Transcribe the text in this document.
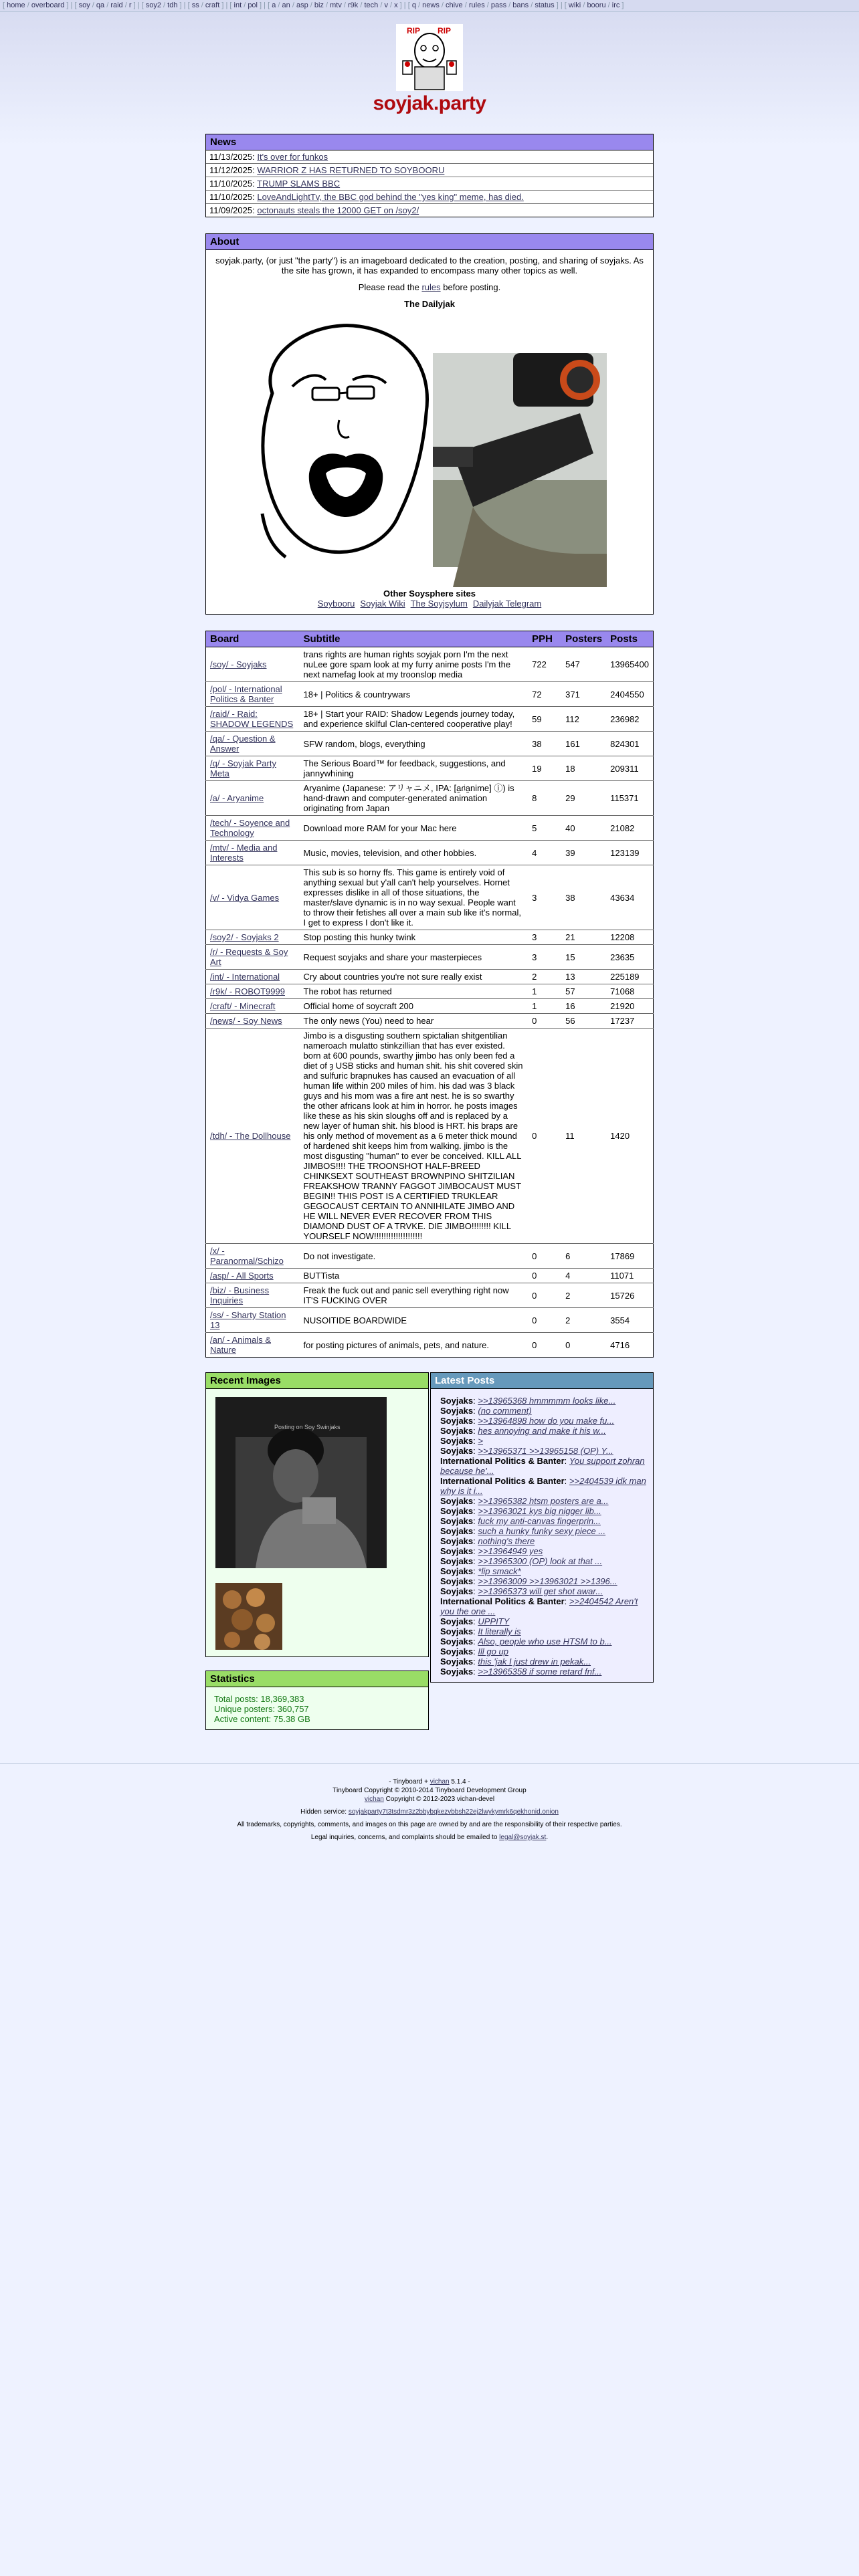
[ home / overboard ] | [ soy / qa / raid / r ] | [ soy2 / tdh ] | [ ss / craft ] | [ int / pol ] | [ a / an / asp / biz / mtv / r9k / tech / v / x ] | [ q / news / chive / rules / pass / bans / status ] | [ wiki / booru / irc ]
RIP RIP
soyjak.party
News
11/13/2025: It's over for funkos
11/12/2025: WARRIOR Z HAS RETURNED TO SOYBOORU
11/10/2025: TRUMP SLAMS BBC
11/10/2025: LoveAndLightTv, the BBC god behind the "yes king" meme, has died.
11/09/2025: octonauts steals the 12000 GET on /soy2/
About

soyjak.party, (or just "the party") is an imageboard dedicated to the creation, posting, and sharing of soyjaks. As the site has grown, it has expanded to encompass many other topics as well.

Please read the rules before posting.

The Dailyjak
Other Soysphere sites
Soybooru Soyjak Wiki The Soyjsylum Dailyjak Telegram
Board	Subtitle	PPH	Posters	Posts
/soy/ - Soyjaks	trans rights are human rights soyjak porn I'm the next nuLee gore spam look at my furry anime posts I'm the next namefag look at my troonslop media	722	547	13965400
/pol/ - International Politics & Banter	18+ | Politics & countrywars	72	371	2404550
/raid/ - Raid: SHADOW LEGENDS	18+ | Start your RAID: Shadow Legends journey today, and experience skilful Clan-centered cooperative play!	59	112	236982
/qa/ - Question & Answer	SFW random, blogs, everything	38	161	824301
/q/ - Soyjak Party Meta	The Serious Board™ for feedback, suggestions, and jannywhining	19	18	209311
/a/ - Aryanime	Aryanime (Japanese: アリャニメ, IPA: [a̠ɾʲa̠nime] ⓘ) is hand-drawn and computer-generated animation originating from Japan	8	29	115371
/tech/ - Soyence and Technology	Download more RAM for your Mac here	5	40	21082
/mtv/ - Media and Interests	Music, movies, television, and other hobbies.	4	39	123139
/v/ - Vidya Games	This sub is so horny ffs. This game is entirely void of anything sexual but y'all can't help yourselves. Hornet expresses dislike in all of those situations, the master/slave dynamic is in no way sexual. People want to throw their fetishes all over a main sub like it's normal, I get to express I don't like it.	3	38	43634
/soy2/ - Soyjaks 2	Stop posting this hunky twink	3	21	12208
/r/ - Requests & Soy Art	Request soyjaks and share your masterpieces	3	15	23635
/int/ - International	Cry about countries you're not sure really exist	2	13	225189
/r9k/ - ROBOT9999	The robot has returned	1	57	71068
/craft/ - Minecraft	Official home of soycraft 200	1	16	21920
/news/ - Soy News	The only news (You) need to hear	0	56	17237
/tdh/ - The Dollhouse	Jimbo is a disgusting southern spictalian shitgentilian nameroach mulatto stinkzillian that has ever existed. born at 600 pounds, swarthy jimbo has only been fed a diet of ȝ USB sticks and human shit. his shit covered skin and sulfuric brapnukes has caused an evacuation of all human life within 200 miles of him. his dad was 3 black guys and his mom was a fire ant nest. he is so swarthy the other africans look at him in horror. he posts images like these as his skin sloughs off and is replaced by a new layer of human shit. his blood is HRT. his braps are his only method of movement as a 6 meter thick mound of hardened shit keeps him from walking. jimbo is the most disgusting "human" to ever be conceived. KILL ALL JIMBOS!!!! THE TROONSHOT HALF-BREED CHINKSEXT SOUTHEAST BROWNPINO SHITZILIAN FREAKSHOW TRANNY FAGGOT JIMBOCAUST MUST BEGIN!! THIS POST IS A CERTIFIED TRUKLEAR GEGOCAUST CERTAIN TO ANNIHILATE JIMBO AND HE WILL NEVER EVER RECOVER FROM THIS DIAMOND DUST OF A TRVKE. DIE JIMBO!!!!!!!! KILL YOURSELF NOW!!!!!!!!!!!!!!!!!!!!	0	11	1420
/x/ - Paranormal/Schizo	Do not investigate.	0	6	17869
/asp/ - All Sports	BUTTista	0	4	11071
/biz/ - Business Inquiries	Freak the fuck out and panic sell everything right now IT'S FUCKING OVER	0	2	15726
/ss/ - Sharty Station 13	NUSOITIDE BOARDWIDE	0	2	3554
/an/ - Animals & Nature	for posting pictures of animals, pets, and nature.	0	0	4716
Recent Images
Posting on Soy Swinjaks
Statistics
Total posts: 18,369,383
Unique posters: 360,757
Active content: 75.38 GB
Latest Posts
Soyjaks: >>13965368 hmmmmm looks like...
Soyjaks: (no comment)
Soyjaks: >>13964898 how do you make fu...
Soyjaks: hes annoying and make it his w...
Soyjaks: >
Soyjaks: >>13965371 >>13965158 (OP) Y...
International Politics & Banter: You support zohran because he'...
International Politics & Banter: >>2404539 idk man why is it i...
Soyjaks: >>13965382 htsm posters are a...
Soyjaks: >>13963021 kys big nigger lib...
Soyjaks: fuck my anti-canvas fingerprin...
Soyjaks: such a hunky funky sexy piece ...
Soyjaks: nothing's there
Soyjaks: >>13964949 yes
Soyjaks: >>13965300 (OP) look at that ...
Soyjaks: *lip smack*
Soyjaks: >>13963009 >>13963021 >>1396...
Soyjaks: >>13965373 will get shot awar...
International Politics & Banter: >>2404542 Aren't you the one ...
Soyjaks: UPPITY
Soyjaks: It literally is
Soyjaks: Also, people who use HTSM to b...
Soyjaks: Ill go up
Soyjaks: this 'jak I just drew in pekak...
Soyjaks: >>13965358 if some retard fnf...

- Tinyboard + vichan 5.1.4 -
Tinyboard Copyright © 2010-2014 Tinyboard Development Group
vichan Copyright © 2012-2023 vichan-devel

Hidden service: soyjakparty7t3tsdmr3z2bbybqkezvbbsh22ej2lwykymrk6qekhonid.onion

All trademarks, copyrights, comments, and images on this page are owned by and are the responsibility of their respective parties.

Legal inquiries, concerns, and complaints should be emailed to legal@soyjak.st.
